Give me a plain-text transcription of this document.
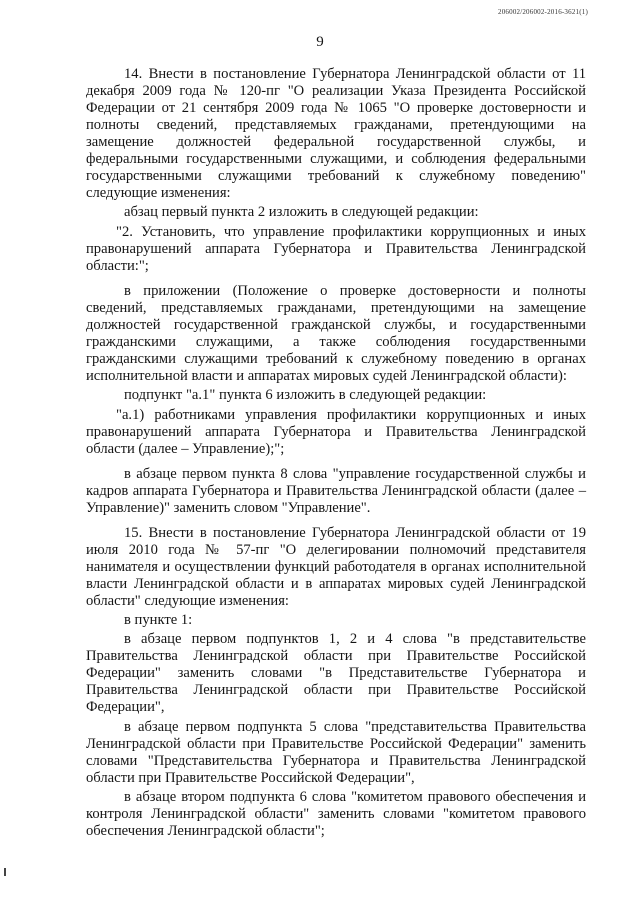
206002/206002-2016-3621(1)
9

14. Внести в постановление Губернатора Ленинградской области от 11 декабря 2009 года № 120-пг "О реализации Указа Президента Российской Федерации от 21 сентября 2009 года № 1065 "О проверке достоверности и полноты сведений, представляемых гражданами, претендующими на замещение должностей федеральной государственной службы, и федеральными государственными служащими, и соблюдения федеральными государственными служащими требований к служебному поведению" следующие изменения:

абзац первый пункта 2 изложить в следующей редакции:

"2. Установить, что управление профилактики коррупционных и иных правонарушений аппарата Губернатора и Правительства Ленинградской области:";

в приложении (Положение о проверке достоверности и полноты сведений, представляемых гражданами, претендующими на замещение должностей государственной гражданской службы, и государственными гражданскими служащими, а также соблюдения государственными гражданскими служащими требований к служебному поведению в органах исполнительной власти и аппаратах мировых судей Ленинградской области):

подпункт "а.1" пункта 6 изложить в следующей редакции:

"а.1) работниками управления профилактики коррупционных и иных правонарушений аппарата Губернатора и Правительства Ленинградской области (далее – Управление);";

в абзаце первом пункта 8 слова "управление государственной службы и кадров аппарата Губернатора и Правительства Ленинградской области (далее – Управление)" заменить словом "Управление".

15. Внести в постановление Губернатора Ленинградской области от 19 июля 2010 года № 57-пг "О делегировании полномочий представителя нанимателя и осуществлении функций работодателя в органах исполнительной власти Ленинградской области и в аппаратах мировых судей Ленинградской области" следующие изменения:

в пункте 1:

в абзаце первом подпунктов 1, 2 и 4 слова "в представительстве Правительства Ленинградской области при Правительстве Российской Федерации" заменить словами "в Представительстве Губернатора и Правительства Ленинградской области при Правительстве Российской Федерации",

в абзаце первом подпункта 5 слова "представительства Правительства Ленинградской области при Правительстве Российской Федерации" заменить словами "Представительства Губернатора и Правительства Ленинградской области при Правительстве Российской Федерации",

в абзаце втором подпункта 6 слова "комитетом правового обеспечения и контроля Ленинградской области" заменить словами "комитетом правового обеспечения Ленинградской области";
